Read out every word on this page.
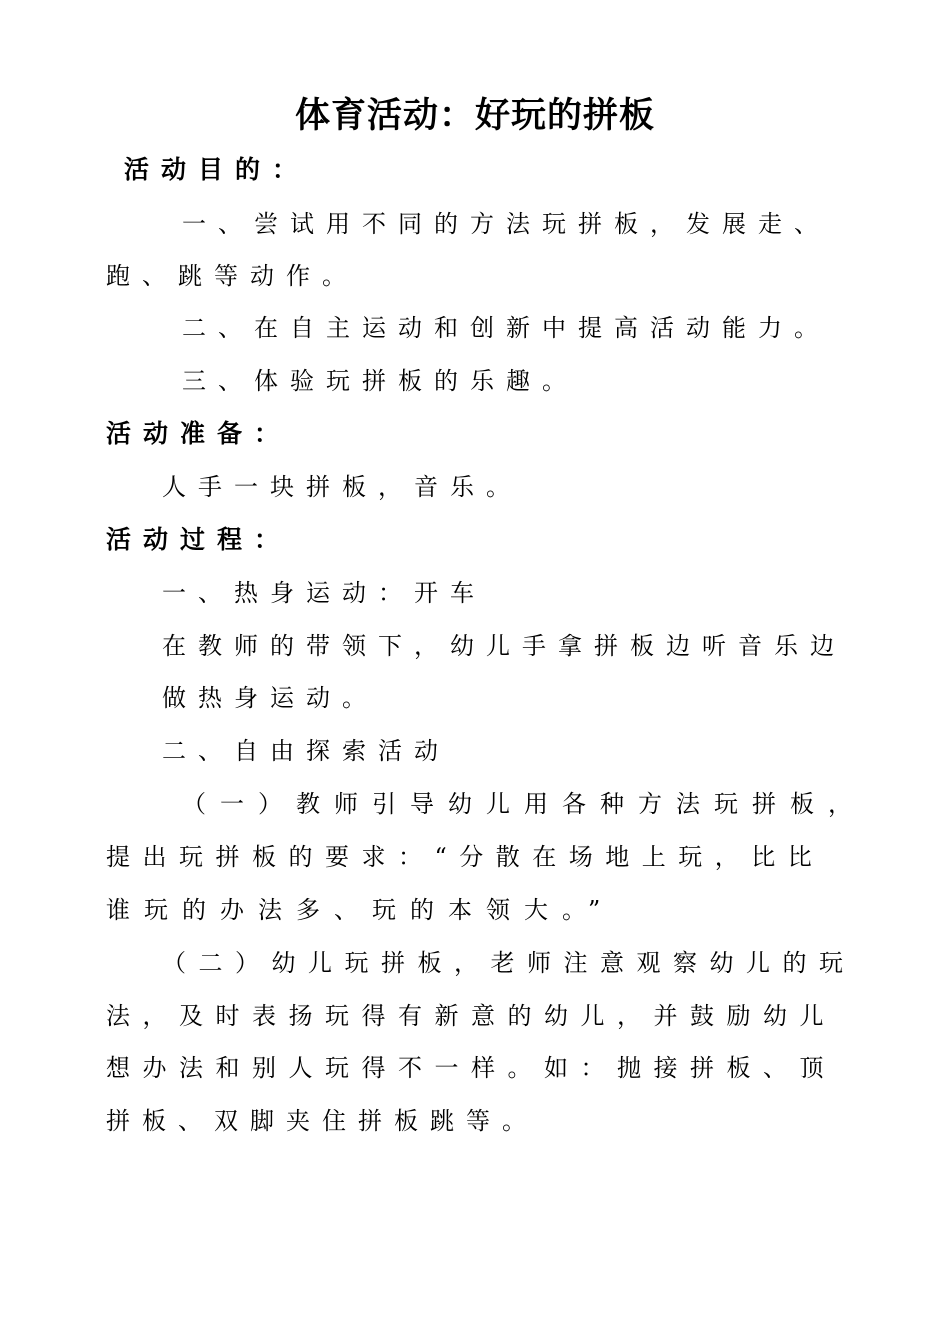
体育活动：好玩的拼板
活动目的：
一、尝试用不同的方法玩拼板，发展走、
跑、跳等动作。
二、在自主运动和创新中提高活动能力。
三、体验玩拼板的乐趣。
活动准备：
人手一块拼板，音乐。
活动过程：
一、热身运动：开车
在教师的带领下，幼儿手拿拼板边听音乐边
做热身运动。
二、自由探索活动
（一）教师引导幼儿用各种方法玩拼板，
提出玩拼板的要求：“分散在场地上玩，比比
谁玩的办法多、玩的本领大。”
（二）幼儿玩拼板，老师注意观察幼儿的玩
法，及时表扬玩得有新意的幼儿，并鼓励幼儿
想办法和别人玩得不一样。如：抛接拼板、顶
拼板、双脚夹住拼板跳等。
